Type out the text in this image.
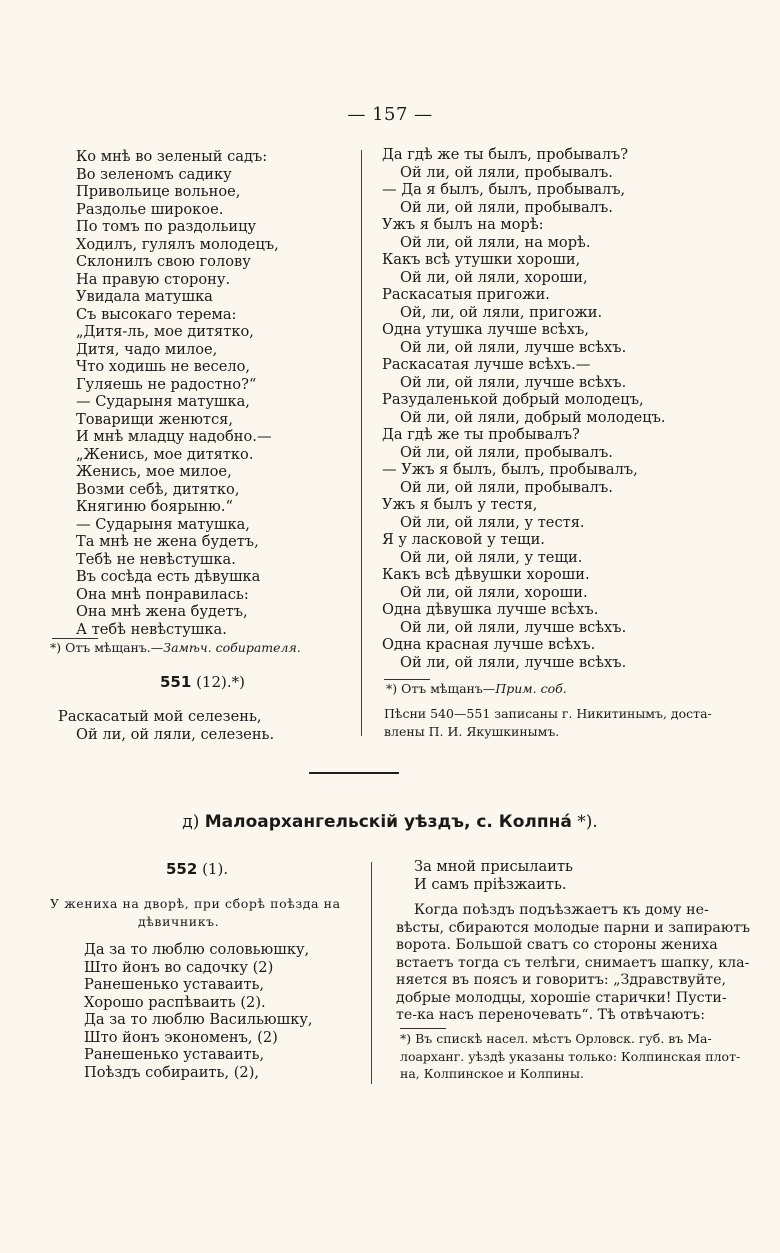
— 157 —
Ко мнѣ во зеленый садъ:
Во зеленомъ садику
Привольице вольное,
Раздолье широкое.
По томъ по раздольицу
Ходилъ, гулялъ молодецъ,
Склонилъ свою голову
На правую сторону.
Увидала матушка
Съ высокаго терема:
„Дитя-ль, мое дитятко,
Дитя, чадо милое,
Что ходишь не весело,
Гуляешь не радостно?“
— Сударыня матушка,
Товарищи женются,
И мнѣ младцу надобно.—
„Женись, мое дитятко.
Женись, мое милое,
Возми себѣ, дитятко,
Княгиню боярыню.“
— Сударыня матушка,
Та мнѣ не жена будетъ,
Тебѣ не невѣстушка.
Въ сосѣда есть дѣвушка
Она мнѣ понравилась:
Она мнѣ жена будетъ,
А тебѣ невѣстушка.
*) Отъ мѣщанъ.—Замѣч. собирателя.
551 (12).*)
Раскасатый мой селезень,
Ой ли, ой ляли, селезень.
Да гдѣ же ты былъ, пробывалъ?
Ой ли, ой ляли, пробывалъ.
— Да я былъ, былъ, пробывалъ,
Ой ли, ой ляли, пробывалъ.
Ужъ я былъ на морѣ:
Ой ли, ой ляли, на морѣ.
Какъ всѣ утушки хороши,
Ой ли, ой ляли, хороши,
Раскасатыя пригожи.
Ой, ли, ой ляли, пригожи.
Одна утушка лучше всѣхъ,
Ой ли, ой ляли, лучше всѣхъ.
Раскасатая лучше всѣхъ.—
Ой ли, ой ляли, лучше всѣхъ.
Разудаленькой добрый молодецъ,
Ой ли, ой ляли, добрый молодецъ.
Да гдѣ же ты пробывалъ?
Ой ли, ой ляли, пробывалъ.
— Ужъ я былъ, былъ, пробывалъ,
Ой ли, ой ляли, пробывалъ.
Ужъ я былъ у тестя,
Ой ли, ой ляли, у тестя.
Я у ласковой у тещи.
Ой ли, ой ляли, у тещи.
Какъ всѣ дѣвушки хороши.
Ой ли, ой ляли, хороши.
Одна дѣвушка лучше всѣхъ.
Ой ли, ой ляли, лучше всѣхъ.
Одна красная лучше всѣхъ.
Ой ли, ой ляли, лучше всѣхъ.
*) Отъ мѣщанъ—Прим. соб.
Пѣсни 540—551 записаны г. Никитинымъ, доста-
влены П. И. Якушкинымъ.
д) Малоархангельскій уѣздъ, с. Колпна́ *).
552 (1).
У жениха на дворѣ, при сборѣ поѣзда на
дѣвичникъ.
Да за то люблю соловьюшку,
Што йонъ во садочку (2)
Ранешенько уставаить,
Хорошо распѣваить (2).
Да за то люблю Васильюшку,
Што йонъ экономенъ, (2)
Ранешенько уставаить,
Поѣздъ собираить, (2),
За мной присылаить
И самъ пріѣзжаить.
Когда поѣздъ подъѣзжаетъ къ дому не-
вѣсты, сбираются молодые парни и запираютъ
ворота. Большой сватъ со стороны жениха
встаетъ тогда съ телѣги, снимаетъ шапку, кла-
няется въ поясъ и говоритъ: „Здравствуйте,
добрые молодцы, хорошіе старички! Пусти-
те-ка насъ переночевать“. Тѣ отвѣчаютъ:
*) Въ спискѣ насел. мѣстъ Орловск. губ. въ Ма-
лоарханг. уѣздѣ указаны только: Колпинская плот-
на, Колпинское и Колпины.
